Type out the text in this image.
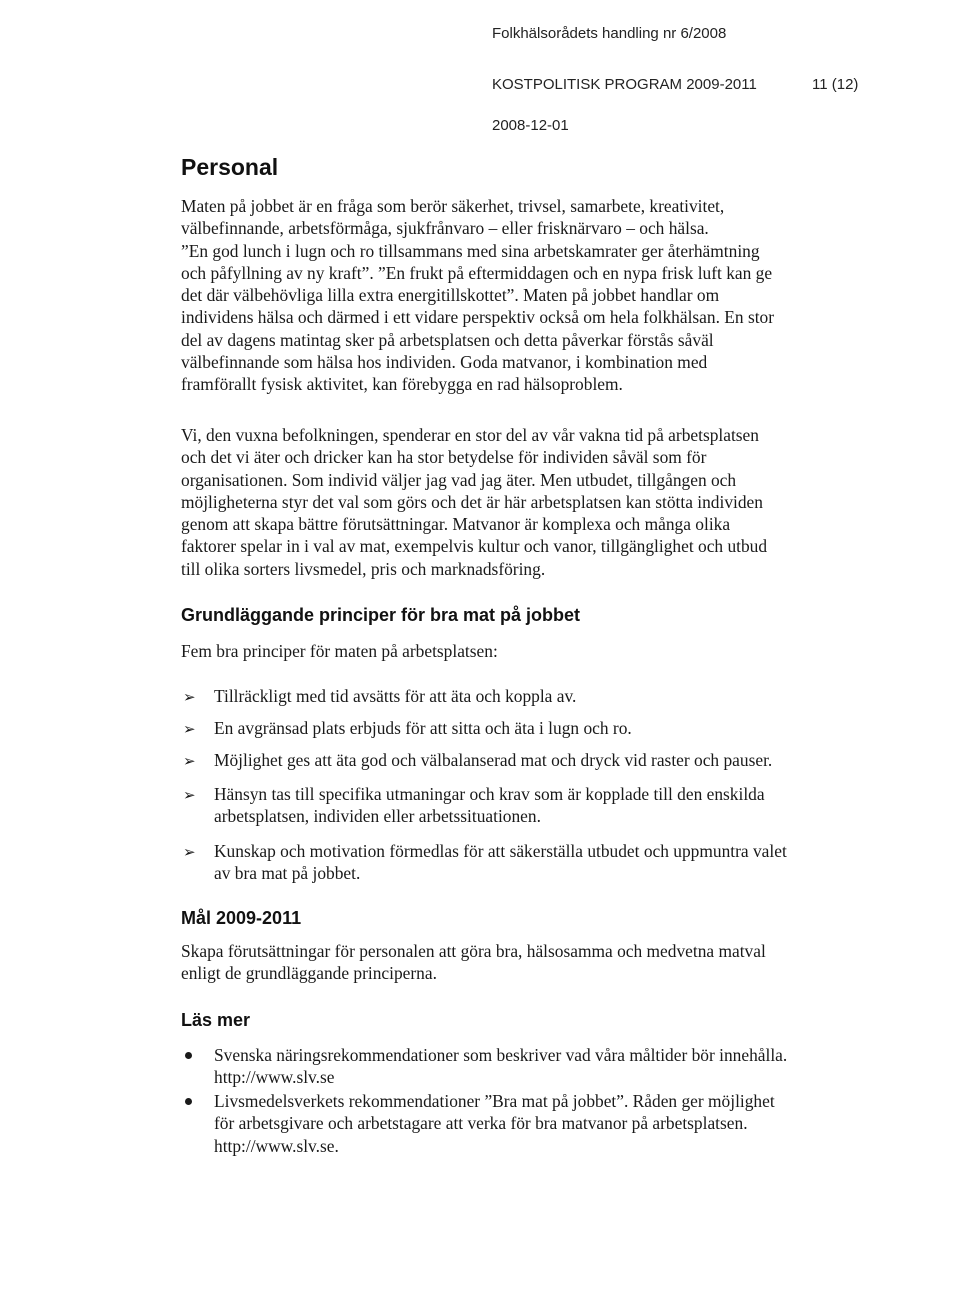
Folkhälsorådets handling nr 6/2008
KOSTPOLITISK PROGRAM 2009-2011	11 (12)
2008-12-01
Personal

Maten på jobbet är en fråga som berör säkerhet, trivsel, samarbete, kreativitet,

välbefinnande, arbetsförmåga, sjukfrånvaro – eller frisknärvaro – och hälsa.

”En god lunch i lugn och ro tillsammans med sina arbetskamrater ger återhämtning

och påfyllning av ny kraft”. ”En frukt på eftermiddagen och en nypa frisk luft kan ge

det där välbehövliga lilla extra energitillskottet”. Maten på jobbet handlar om

individens hälsa och därmed i ett vidare perspektiv också om hela folkhälsan. En stor

del av dagens matintag sker på arbetsplatsen och detta påverkar förstås såväl

välbefinnande som hälsa hos individen. Goda matvanor, i kombination med

framförallt fysisk aktivitet, kan förebygga en rad hälsoproblem.

Vi, den vuxna befolkningen, spenderar en stor del av vår vakna tid på arbetsplatsen

och det vi äter och dricker kan ha stor betydelse för individen såväl som för

organisationen. Som individ väljer jag vad jag äter. Men utbudet, tillgången och

möjligheterna styr det val som görs och det är här arbetsplatsen kan stötta individen

genom att skapa bättre förutsättningar. Matvanor är komplexa och många olika

faktorer spelar in i val av mat, exempelvis kultur och vanor, tillgänglighet och utbud

till olika sorters livsmedel, pris och marknadsföring.

Grundläggande principer för bra mat på jobbet
Fem bra principer för maten på arbetsplatsen:
➢ Tillräckligt med tid avsätts för att äta och koppla av.
➢ En avgränsad plats erbjuds för att sitta och äta i lugn och ro.
➢ Möjlighet ges att äta god och välbalanserad mat och dryck vid raster och pauser.
➢ Hänsyn tas till specifika utmaningar och krav som är kopplade till den enskilda
arbetsplatsen, individen eller arbetssituationen.
➢ Kunskap och motivation förmedlas för att säkerställa utbudet och uppmuntra valet
av bra mat på jobbet.
Mål 2009-2011

Skapa förutsättningar för personalen att göra bra, hälsosamma och medvetna matval

enligt de grundläggande principerna.

Läs mer
Svenska näringsrekommendationer som beskriver vad våra måltider bör innehålla.
http://www.slv.se
Livsmedelsverkets rekommendationer ”Bra mat på jobbet”. Råden ger möjlighet
för arbetsgivare och arbetstagare att verka för bra matvanor på arbetsplatsen.
http://www.slv.se.
